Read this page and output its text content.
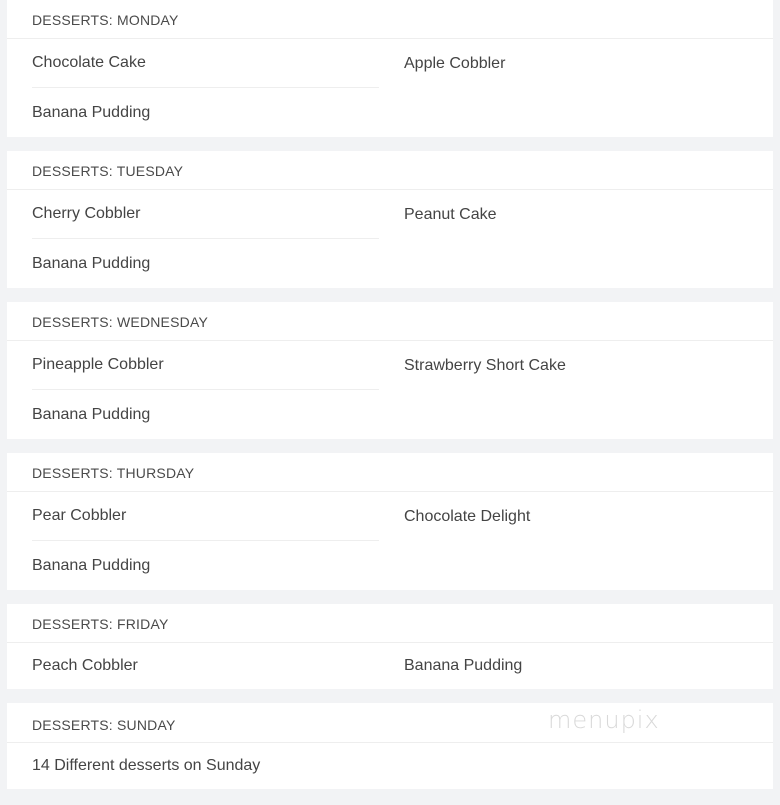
DESSERTS: MONDAY
Chocolate Cake	Apple Cobbler
Banana Pudding
DESSERTS: TUESDAY
Cherry Cobbler	Peanut Cake
Banana Pudding
DESSERTS: WEDNESDAY
Pineapple Cobbler	Strawberry Short Cake
Banana Pudding
DESSERTS: THURSDAY
Pear Cobbler	Chocolate Delight
Banana Pudding
DESSERTS: FRIDAY
Peach Cobbler	Banana Pudding
DESSERTS: SUNDAY
14 Different desserts on Sunday
menupix
